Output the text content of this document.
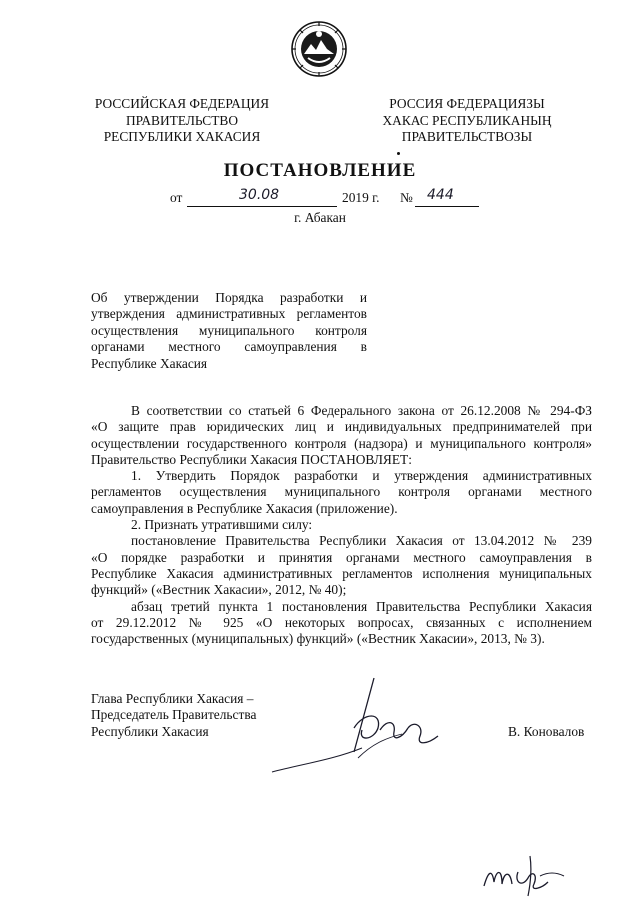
РОССИЙСКАЯ ФЕДЕРАЦИЯ
ПРАВИТЕЛЬСТВО
РЕСПУБЛИКИ ХАКАСИЯ
РОССИЯ ФЕДЕРАЦИЯЗЫ
ХАКАС РЕСПУБЛИКАНЫҢ
ПРАВИТЕЛЬСТВОЗЫ
ПОСТАНОВЛЕНИЕ
от	30.08	2019 г. № 444
г. Абакан
Об утверждении Порядка разработки и
утверждения административных регламентов
осуществления муниципального контроля
органами местного самоуправления в
Республике Хакасия
В соответствии со статьей 6 Федерального закона от 26.12.2008 № 294-ФЗ
«О защите прав юридических лиц и индивидуальных предпринимателей при
осуществлении государственного контроля (надзора) и муниципального контроля»
Правительство Республики Хакасия ПОСТАНОВЛЯЕТ:
1. Утвердить Порядок разработки и утверждения административных
регламентов осуществления муниципального контроля органами местного
самоуправления в Республике Хакасия (приложение).
2. Признать утратившими силу:
постановление Правительства Республики Хакасия от 13.04.2012 № 239
«О порядке разработки и принятия органами местного самоуправления в
Республике Хакасия административных регламентов исполнения муниципальных
функций» («Вестник Хакасии», 2012, № 40);
абзац третий пункта 1 постановления Правительства Республики Хакасия
от 29.12.2012 № 925 «О некоторых вопросах, связанных с исполнением
государственных (муниципальных) функций» («Вестник Хакасии», 2013, № 3).
Глава Республики Хакасия –
Председатель Правительства
Республики Хакасия	В. Коновалов
